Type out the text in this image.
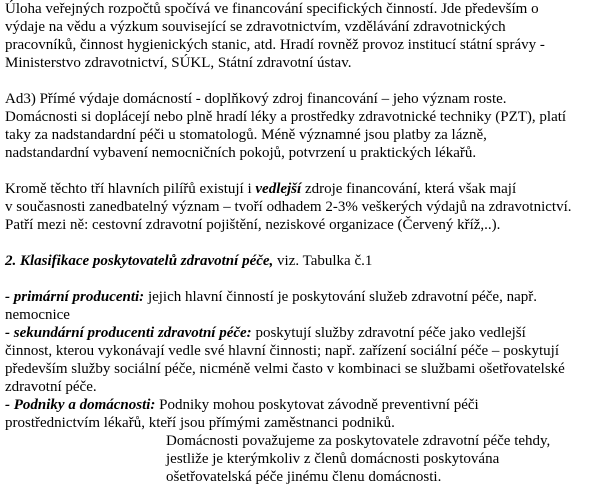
Úloha veřejných rozpočtů spočívá ve financování specifických činností. Jde především o
výdaje na vědu a výzkum související se zdravotnictvím, vzdělávání zdravotnických
pracovníků, činnost hygienických stanic, atd. Hradí rovněž provoz institucí státní správy -
Ministerstvo zdravotnictví, SÚKL, Státní zdravotní ústav.
Ad3) Přímé výdaje domácností - doplňkový zdroj financování – jeho význam roste.
Domácnosti si doplácejí nebo plně hradí léky a prostředky zdravotnické techniky (PZT), platí
taky za nadstandardní péči u stomatologů. Méně významné jsou platby za lázně,
nadstandardní vybavení nemocničních pokojů, potvrzení u praktických lékařů.
Kromě těchto tří hlavních pilířů existují i vedlejší zdroje financování, která však mají
v současnosti zanedbatelný význam – tvoří odhadem 2-3% veškerých výdajů na zdravotnictví.
Patří mezi ně: cestovní zdravotní pojištění, neziskové organizace (Červený kříž,..).
2. Klasifikace poskytovatelů zdravotní péče, viz. Tabulka č.1
- primární producenti: jejich hlavní činností je poskytování služeb zdravotní péče, např.
nemocnice
- sekundární producenti zdravotní péče: poskytují služby zdravotní péče jako vedlejší
činnost, kterou vykonávají vedle své hlavní činnosti; např. zařízení sociální péče – poskytují
především služby sociální péče, nicméně velmi často v kombinaci se službami ošetřovatelské
zdravotní péče.
- Podniky a domácnosti: Podniky mohou poskytovat závodně preventivní péči
prostřednictvím lékařů, kteří jsou přímými zaměstnanci podniků.
Domácnosti považujeme za poskytovatele zdravotní péče tehdy,
jestliže je kterýmkoliv z členů domácnosti poskytována
ošetřovatelská péče jinému členu domácnosti.
